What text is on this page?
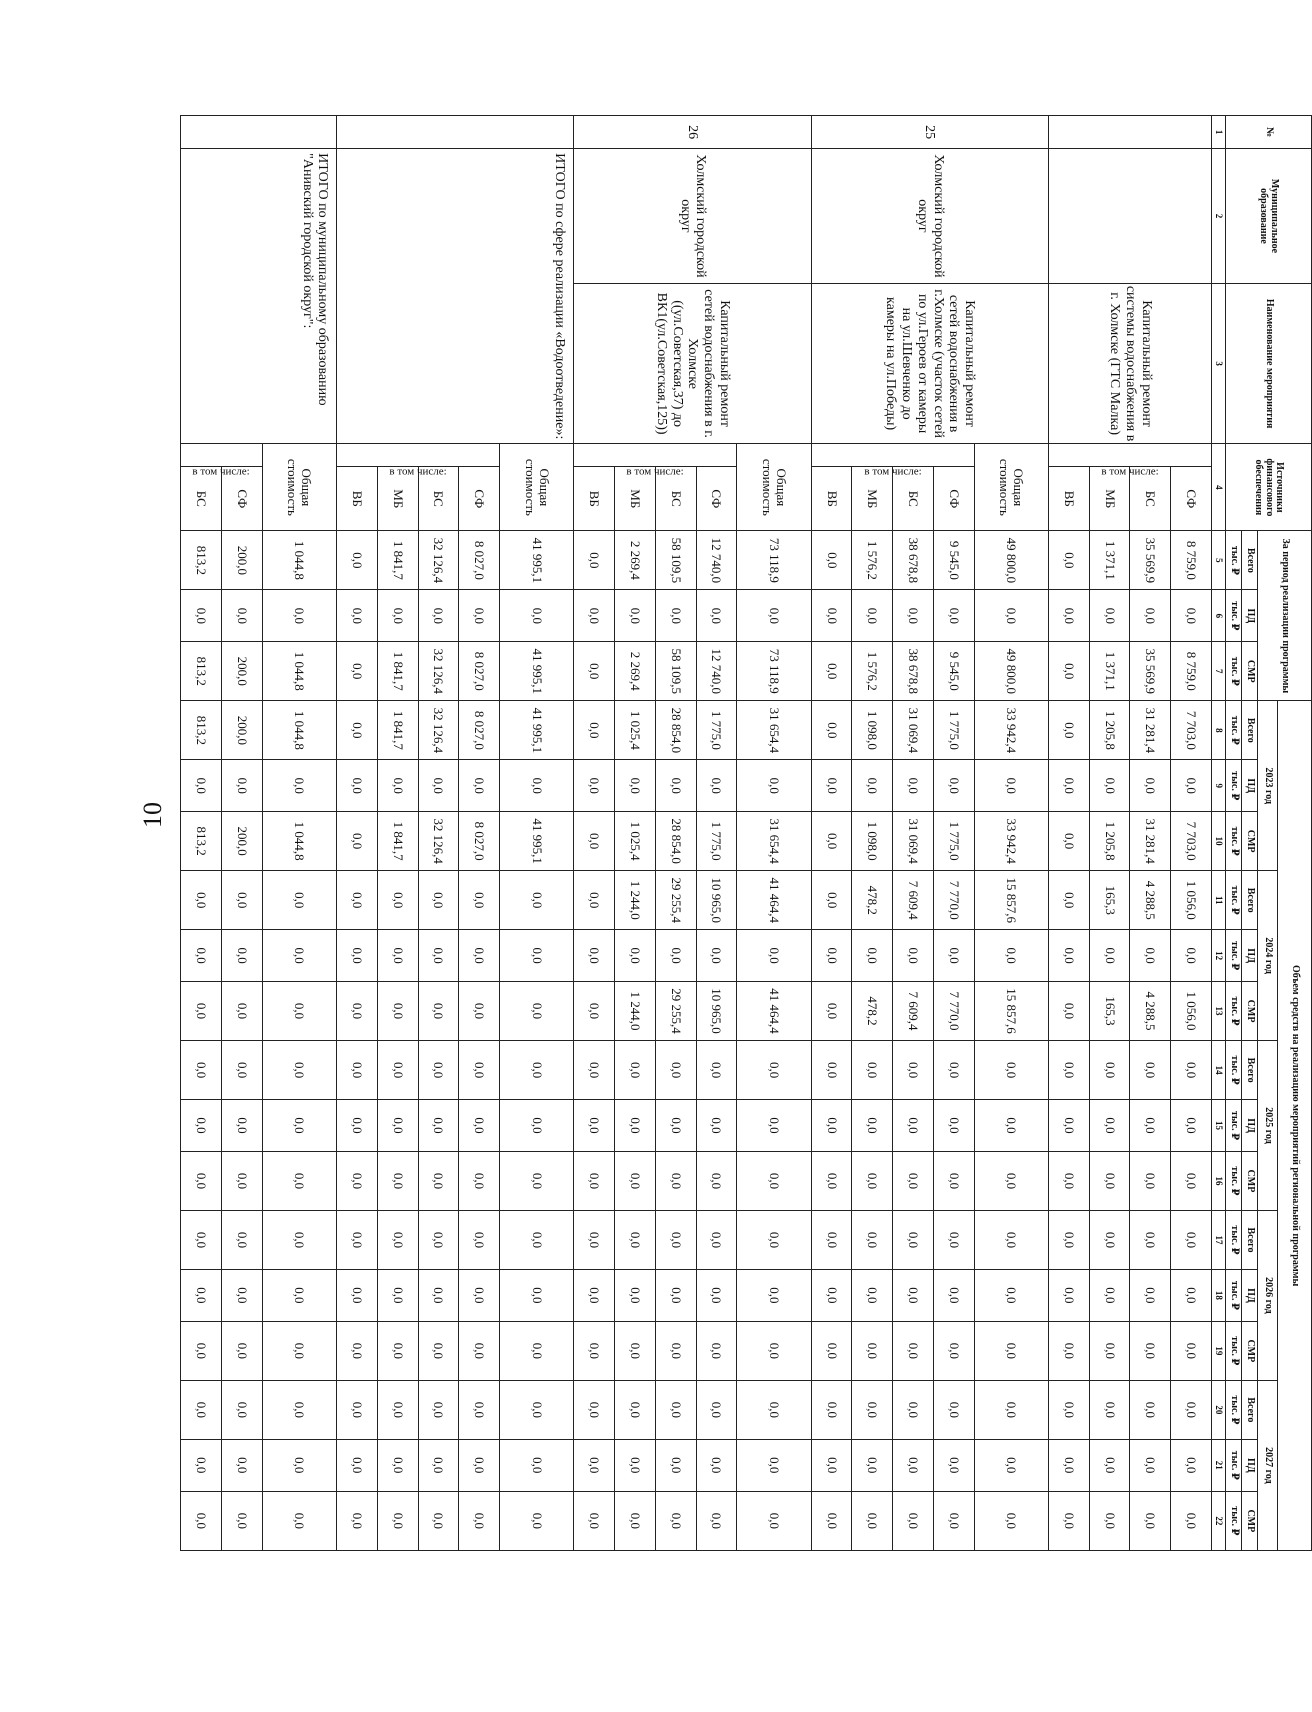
10
№	Муниципальное образование	Наименование мероприятия	Источники финансового обеспечения		За период реализации программы			Объем средств на реализацию мероприятий региональной программы														
								2023 год			2024 год			2025 год			2026 год			2027 год		
					Всего	ПД	СМР	Всего	ПД	СМР	Всего	ПД	СМР	Всего	ПД	СМР	Всего	ПД	СМР	Всего	ПД	СМР
					тыс. ₽	тыс. ₽	тыс. ₽	тыс. ₽	тыс. ₽	тыс. ₽	тыс. ₽	тыс. ₽	тыс. ₽	тыс. ₽	тыс. ₽	тыс. ₽	тыс. ₽	тыс. ₽	тыс. ₽	тыс. ₽	тыс. ₽	тыс. ₽
1	2	3	4		5	6	7	8	9	10	11	12	13	14	15	16	17	18	19	20	21	22
		Капитальный ремонт системы водоснабжения в г. Холмске (ГТС Малка)	в том числе:	СФ	8 759,0	0,0	8 759,0	7 703,0	0,0	7 703,0	1 056,0	0,0	1 056,0	0,0	0,0	0,0	0,0	0,0	0,0	0,0	0,0	0,0
				БС	35 569,9	0,0	35 569,9	31 281,4	0,0	31 281,4	4 288,5	0,0	4 288,5	0,0	0,0	0,0	0,0	0,0	0,0	0,0	0,0	0,0
				МБ	1 371,1	0,0	1 371,1	1 205,8	0,0	1 205,8	165,3	0,0	165,3	0,0	0,0	0,0	0,0	0,0	0,0	0,0	0,0	0,0
				ВБ	0,0	0,0	0,0	0,0	0,0	0,0	0,0	0,0	0,0	0,0	0,0	0,0	0,0	0,0	0,0	0,0	0,0	0,0
25	Холмский городской округ	Капитальный ремонт сетей водоснабжения в г.Холмске (участок сетей по ул.Героев от камеры на ул.Шевченко до камеры на ул.Победы)	Общая стоимость		49 800,0	0,0	49 800,0	33 942,4	0,0	33 942,4	15 857,6	0,0	15 857,6	0,0	0,0	0,0	0,0	0,0	0,0	0,0	0,0	0,0
			в том числе:	СФ	9 545,0	0,0	9 545,0	1 775,0	0,0	1 775,0	7 770,0	0,0	7 770,0	0,0	0,0	0,0	0,0	0,0	0,0	0,0	0,0	0,0
				БС	38 678,8	0,0	38 678,8	31 069,4	0,0	31 069,4	7 609,4	0,0	7 609,4	0,0	0,0	0,0	0,0	0,0	0,0	0,0	0,0	0,0
				МБ	1 576,2	0,0	1 576,2	1 098,0	0,0	1 098,0	478,2	0,0	478,2	0,0	0,0	0,0	0,0	0,0	0,0	0,0	0,0	0,0
				ВБ	0,0	0,0	0,0	0,0	0,0	0,0	0,0	0,0	0,0	0,0	0,0	0,0	0,0	0,0	0,0	0,0	0,0	0,0
26	Холмский городской округ	Капитальный ремонт сетей водоснабжения в г. Холмске ((ул.Советская,37) до ВК1(ул.Советская,125))	Общая стоимость		73 118,9	0,0	73 118,9	31 654,4	0,0	31 654,4	41 464,4	0,0	41 464,4	0,0	0,0	0,0	0,0	0,0	0,0	0,0	0,0	0,0
			в том числе:	СФ	12 740,0	0,0	12 740,0	1 775,0	0,0	1 775,0	10 965,0	0,0	10 965,0	0,0	0,0	0,0	0,0	0,0	0,0	0,0	0,0	0,0
				БС	58 109,5	0,0	58 109,5	28 854,0	0,0	28 854,0	29 255,4	0,0	29 255,4	0,0	0,0	0,0	0,0	0,0	0,0	0,0	0,0	0,0
				МБ	2 269,4	0,0	2 269,4	1 025,4	0,0	1 025,4	1 244,0	0,0	1 244,0	0,0	0,0	0,0	0,0	0,0	0,0	0,0	0,0	0,0
				ВБ	0,0	0,0	0,0	0,0	0,0	0,0	0,0	0,0	0,0	0,0	0,0	0,0	0,0	0,0	0,0	0,0	0,0	0,0
	ИТОГО по сфере реализации «Водоотведение»:		Общая стоимость		41 995,1	0,0	41 995,1	41 995,1	0,0	41 995,1	0,0	0,0	0,0	0,0	0,0	0,0	0,0	0,0	0,0	0,0	0,0	0,0
			в том числе:	СФ	8 027,0	0,0	8 027,0	8 027,0	0,0	8 027,0	0,0	0,0	0,0	0,0	0,0	0,0	0,0	0,0	0,0	0,0	0,0	0,0
				БС	32 126,4	0,0	32 126,4	32 126,4	0,0	32 126,4	0,0	0,0	0,0	0,0	0,0	0,0	0,0	0,0	0,0	0,0	0,0	0,0
				МБ	1 841,7	0,0	1 841,7	1 841,7	0,0	1 841,7	0,0	0,0	0,0	0,0	0,0	0,0	0,0	0,0	0,0	0,0	0,0	0,0
				ВБ	0,0	0,0	0,0	0,0	0,0	0,0	0,0	0,0	0,0	0,0	0,0	0,0	0,0	0,0	0,0	0,0	0,0	0,0
	ИТОГО по муниципальному образованию "Анивский городской округ":		Общая стоимость		1 044,8	0,0	1 044,8	1 044,8	0,0	1 044,8	0,0	0,0	0,0	0,0	0,0	0,0	0,0	0,0	0,0	0,0	0,0	0,0
			в том числе:	СФ	200,0	0,0	200,0	200,0	0,0	200,0	0,0	0,0	0,0	0,0	0,0	0,0	0,0	0,0	0,0	0,0	0,0	0,0
				БС	813,2	0,0	813,2	813,2	0,0	813,2	0,0	0,0	0,0	0,0	0,0	0,0	0,0	0,0	0,0	0,0	0,0	0,0
